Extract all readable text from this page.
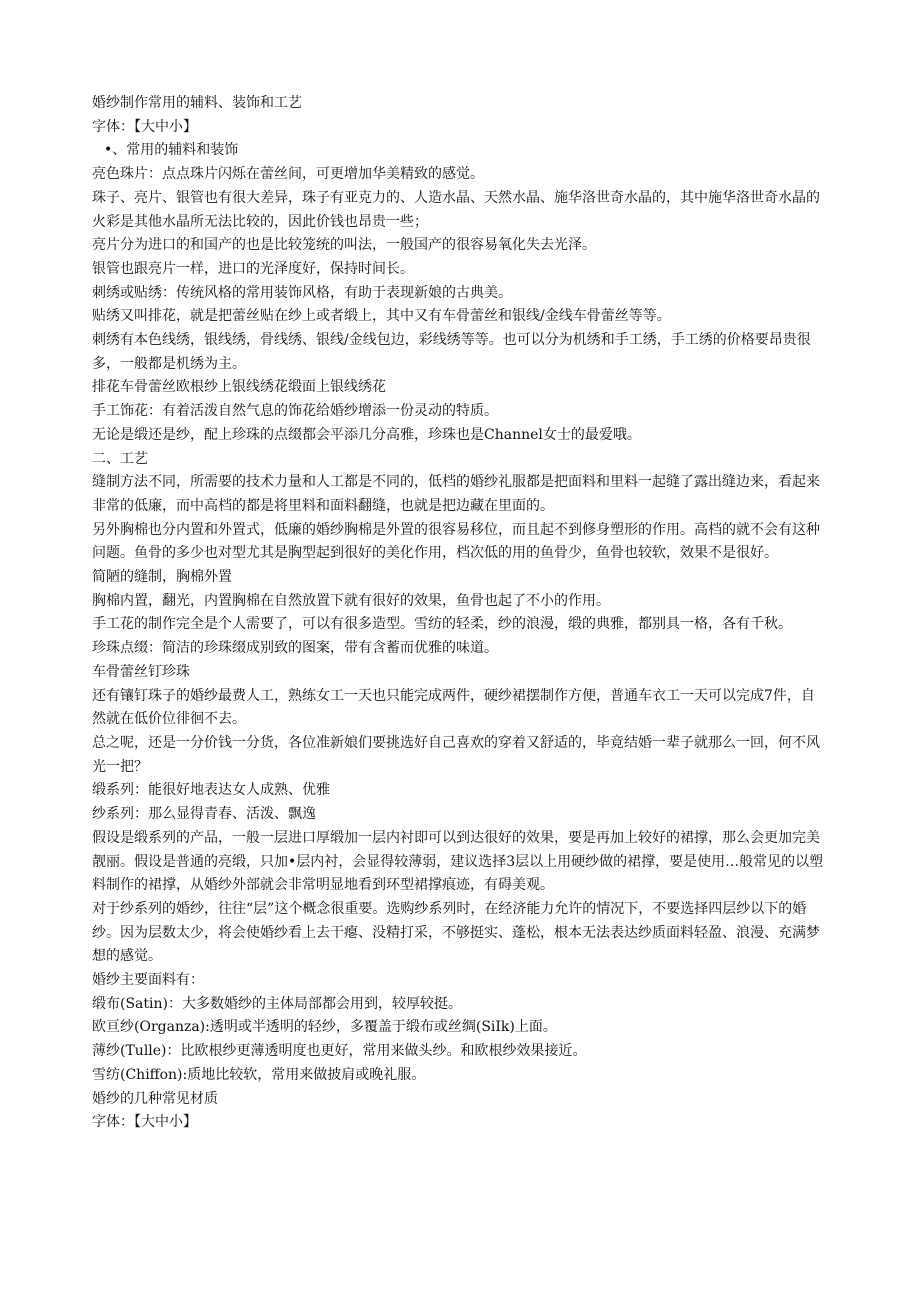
婚纱制作常用的辅料、装饰和工艺

字体：【大中小】

•、常用的辅料和装饰

亮色珠片：点点珠片闪烁在蕾丝间，可更增加华美精致的感觉。

珠子、亮片、银管也有很大差异，珠子有亚克力的、人造水晶、天然水晶、施华洛世奇水晶的，其中施华洛世奇水晶的火彩是其他水晶所无法比较的，因此价钱也昂贵一些；

亮片分为进口的和国产的也是比较笼统的叫法，一般国产的很容易氧化失去光泽。

银管也跟亮片一样，进口的光泽度好，保持时间长。

刺绣或贴绣：传统风格的常用装饰风格，有助于表现新娘的古典美。

贴绣又叫排花，就是把蕾丝贴在纱上或者缎上，其中又有车骨蕾丝和银线/金线车骨蕾丝等等。

刺绣有本色线绣，银线绣，骨线绣、银线/金线包边，彩线绣等等。也可以分为机绣和手工绣，手工绣的价格要昂贵很多，一般都是机绣为主。

排花车骨蕾丝欧根纱上银线绣花缎面上银线绣花

手工饰花：有着活泼自然气息的饰花给婚纱增添一份灵动的特质。

无论是缎还是纱，配上珍珠的点缀都会平添几分高雅，珍珠也是Channel女士的最爱哦。

二、工艺

缝制方法不同，所需要的技术力量和人工都是不同的，低档的婚纱礼服都是把面料和里料一起缝了露出缝边来，看起来非常的低廉，而中高档的都是将里料和面料翻缝，也就是把边藏在里面的。

另外胸棉也分内置和外置式，低廉的婚纱胸棉是外置的很容易移位，而且起不到修身塑形的作用。高档的就不会有这种问题。鱼骨的多少也对型尤其是胸型起到很好的美化作用，档次低的用的鱼骨少，鱼骨也较软，效果不是很好。

简陋的缝制，胸棉外置

胸棉内置，翻光，内置胸棉在自然放置下就有很好的效果，鱼骨也起了不小的作用。

手工花的制作完全是个人需要了，可以有很多造型。雪纺的轻柔，纱的浪漫，缎的典雅，都别具一格，各有千秋。

珍珠点缀：简洁的珍珠缀成别致的图案，带有含蓄而优雅的味道。

车骨蕾丝钉珍珠

还有镶钉珠子的婚纱最费人工，熟练女工一天也只能完成两件，硬纱裙摆制作方便，普通车衣工一天可以完成7件，自然就在低价位徘徊不去。

总之呢，还是一分价钱一分货，各位准新娘们要挑选好自己喜欢的穿着又舒适的，毕竟结婚一辈子就那么一回，何不风光一把？

缎系列：能很好地表达女人成熟、优雅

纱系列：那么显得青春、活泼、飘逸

假设是缎系列的产品，一般一层进口厚缎加一层内衬即可以到达很好的效果，要是再加上较好的裙撑，那么会更加完美靓丽。假设是普通的亮缎，只加•层内衬，会显得较薄弱，建议选择3层以上用硬纱做的裙撑，要是使用…般常见的以塑料制作的裙撑，从婚纱外部就会非常明显地看到环型裙撑痕迹，有碍美观。

对于纱系列的婚纱，往往“层”这个概念很重要。选购纱系列时，在经济能力允许的情况下，不要选择四层纱以下的婚纱。因为层数太少，将会使婚纱看上去干瘪、没精打采，不够挺实、蓬松，根本无法表达纱质面料轻盈、浪漫、充满梦想的感觉。

婚纱主要面料有：

缎布(Satin)：大多数婚纱的主体局部都会用到，较厚较挺。

欧亘纱(Organza):透明或半透明的轻纱，多覆盖于缎布或丝绸(SiIk)上面。

薄纱(Tulle)：比欧根纱更薄透明度也更好，常用来做头纱。和欧根纱效果接近。

雪纺(Chiffon):质地比较软，常用来做披肩或晚礼服。

婚纱的几种常见材质

字体：【大中小】
